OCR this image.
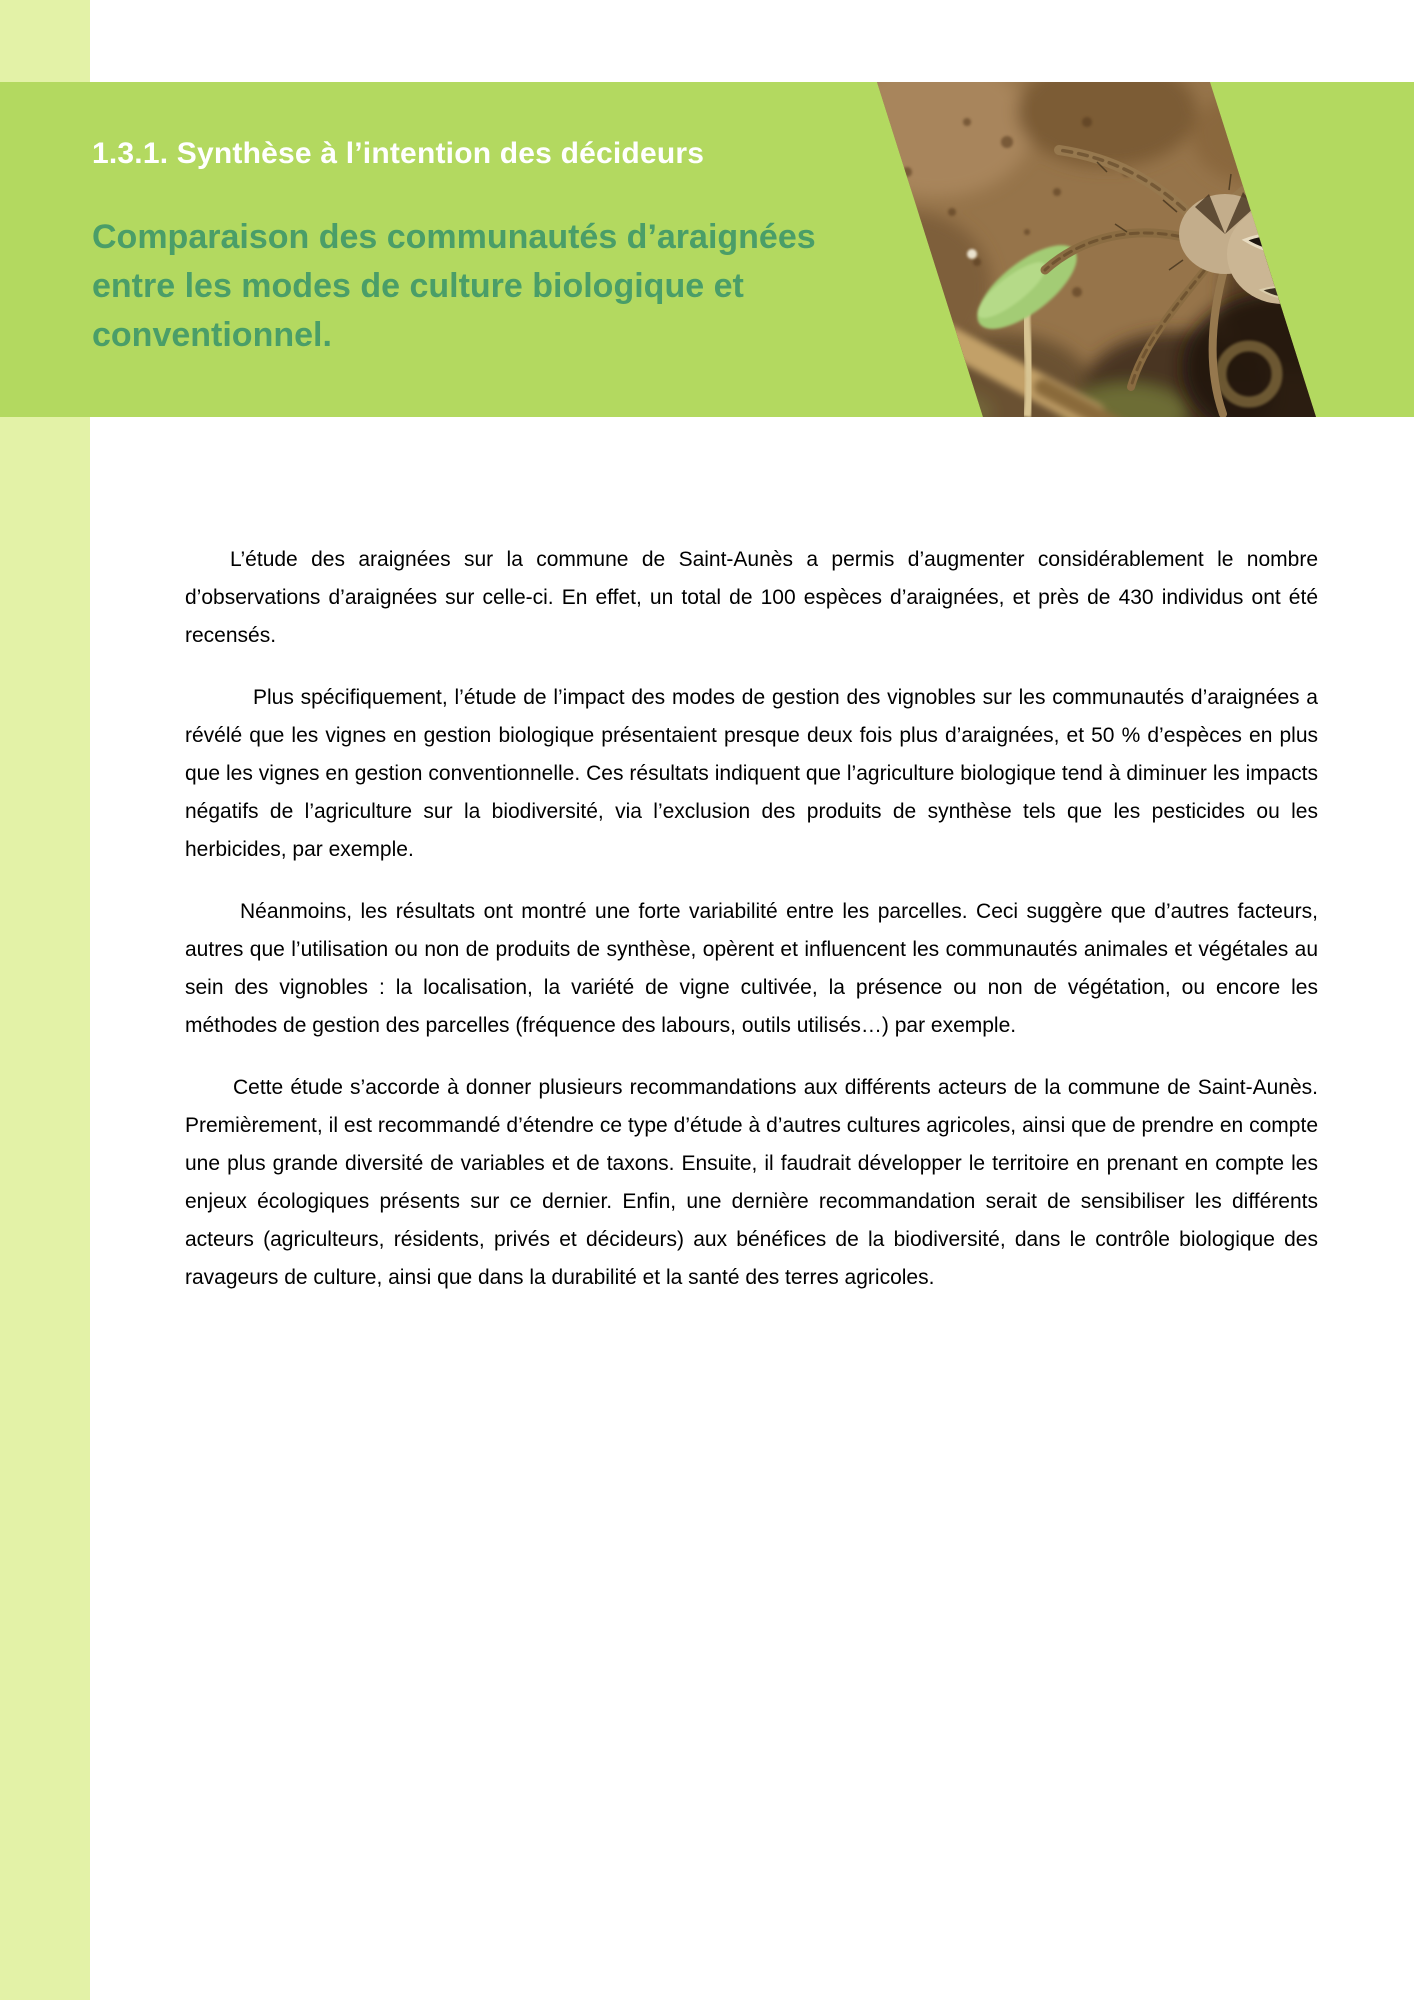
1.3.1. Synthèse à l’intention des décideurs
Comparaison des communautés d’araignées entre les modes de culture biologique et conventionnel.

L’étude des araignées sur la commune de Saint-Aunès a permis d’augmenter considérablement le nombre d’observations d’araignées sur celle-ci. En effet, un total de 100 espèces d’araignées, et près de 430 individus ont été recensés.

Plus spécifiquement, l’étude de l’impact des modes de gestion des vignobles sur les communautés d’araignées a révélé que les vignes en gestion biologique présentaient presque deux fois plus d’araignées, et 50 % d’espèces en plus que les vignes en gestion conventionnelle. Ces résultats indiquent que l’agriculture biologique tend à diminuer les impacts négatifs de l’agriculture sur la biodiversité, via l’exclusion des produits de synthèse tels que les pesticides ou les herbicides, par exemple.

Néanmoins, les résultats ont montré une forte variabilité entre les parcelles. Ceci suggère que d’autres facteurs, autres que l’utilisation ou non de produits de synthèse, opèrent et influencent les communautés animales et végétales au sein des vignobles : la localisation, la variété de vigne cultivée, la présence ou non de végétation, ou encore les méthodes de gestion des parcelles (fréquence des labours, outils utilisés…) par exemple.

Cette étude s’accorde à donner plusieurs recommandations aux différents acteurs de la commune de Saint-Aunès. Premièrement, il est recommandé d’étendre ce type d’étude à d’autres cultures agricoles, ainsi que de prendre en compte une plus grande diversité de variables et de taxons. Ensuite, il faudrait développer le territoire en prenant en compte les enjeux écologiques présents sur ce dernier. Enfin, une dernière recommandation serait de sensibiliser les différents acteurs (agriculteurs, résidents, privés et décideurs) aux bénéfices de la biodiversité, dans le contrôle biologique des ravageurs de culture, ainsi que dans la durabilité et la santé des terres agricoles.
